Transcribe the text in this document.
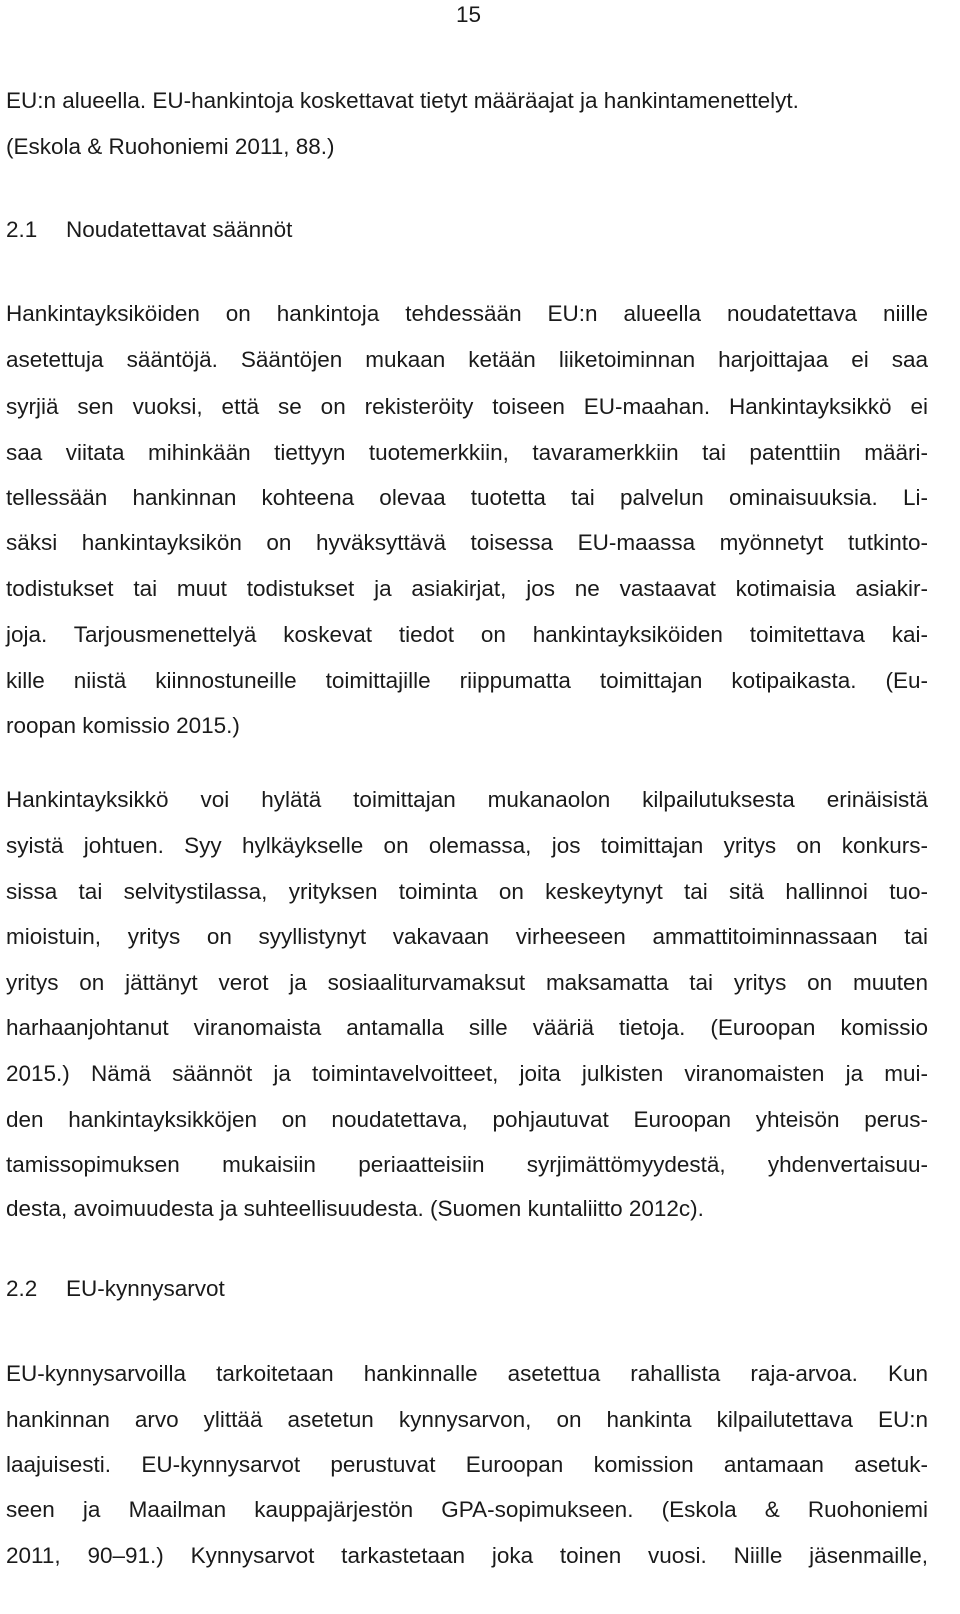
15
EU:n alueella. EU-hankintoja koskettavat tietyt määräajat ja hankintamenettelyt.
(Eskola & Ruohoniemi 2011, 88.)
2.1 Noudatettavat säännöt
Hankintayksiköiden on hankintoja tehdessään EU:n alueella noudatettava niille
asetettuja sääntöjä. Sääntöjen mukaan ketään liiketoiminnan harjoittajaa ei saa
syrjiä sen vuoksi, että se on rekisteröity toiseen EU-maahan. Hankintayksikkö ei
saa viitata mihinkään tiettyyn tuotemerkkiin, tavaramerkkiin tai patenttiin määri-
tellessään hankinnan kohteena olevaa tuotetta tai palvelun ominaisuuksia. Li-
säksi hankintayksikön on hyväksyttävä toisessa EU-maassa myönnetyt tutkinto-
todistukset tai muut todistukset ja asiakirjat, jos ne vastaavat kotimaisia asiakir-
joja. Tarjousmenettelyä koskevat tiedot on hankintayksiköiden toimitettava kai-
kille niistä kiinnostuneille toimittajille riippumatta toimittajan kotipaikasta. (Eu-
roopan komissio 2015.)
Hankintayksikkö voi hylätä toimittajan mukanaolon kilpailutuksesta erinäisistä
syistä johtuen. Syy hylkäykselle on olemassa, jos toimittajan yritys on konkurs-
sissa tai selvitystilassa, yrityksen toiminta on keskeytynyt tai sitä hallinnoi tuo-
mioistuin, yritys on syyllistynyt vakavaan virheeseen ammattitoiminnassaan tai
yritys on jättänyt verot ja sosiaaliturvamaksut maksamatta tai yritys on muuten
harhaanjohtanut viranomaista antamalla sille vääriä tietoja. (Euroopan komissio
2015.) Nämä säännöt ja toimintavelvoitteet, joita julkisten viranomaisten ja mui-
den hankintayksikköjen on noudatettava, pohjautuvat Euroopan yhteisön perus-
tamissopimuksen mukaisiin periaatteisiin syrjimättömyydestä, yhdenvertaisuu-
desta, avoimuudesta ja suhteellisuudesta. (Suomen kuntaliitto 2012c).
2.2 EU-kynnysarvot
EU-kynnysarvoilla tarkoitetaan hankinnalle asetettua rahallista raja-arvoa. Kun
hankinnan arvo ylittää asetetun kynnysarvon, on hankinta kilpailutettava EU:n
laajuisesti. EU-kynnysarvot perustuvat Euroopan komission antamaan asetuk-
seen ja Maailman kauppajärjestön GPA-sopimukseen. (Eskola & Ruohoniemi
2011, 90–91.) Kynnysarvot tarkastetaan joka toinen vuosi. Niille jäsenmaille,
